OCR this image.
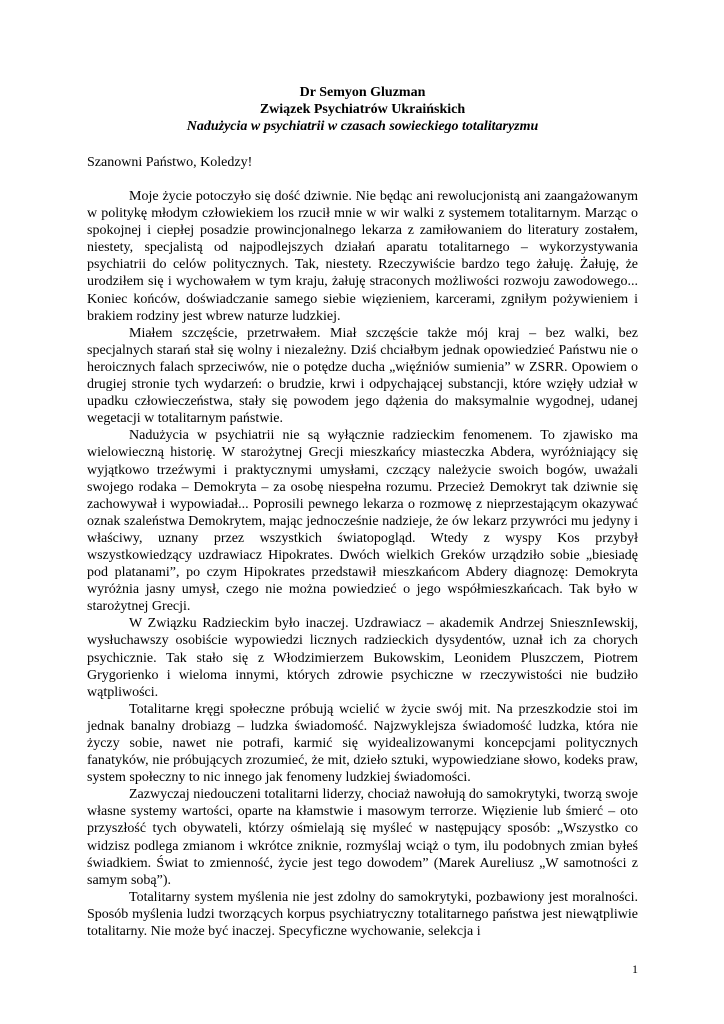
Dr Semyon Gluzman
Związek Psychiatrów Ukraińskich
Nadużycia w psychiatrii w czasach sowieckiego totalitaryzmu

Szanowni Państwo, Koledzy!

Moje życie potoczyło się dość dziwnie. Nie będąc ani rewolucjonistą ani zaangażowanym w politykę młodym człowiekiem los rzucił mnie w wir walki z systemem totalitarnym. Marząc o spokojnej i ciepłej posadzie prowincjonalnego lekarza z zamiłowaniem do literatury zostałem, niestety, specjalistą od najpodlejszych działań aparatu totalitarnego – wykorzystywania psychiatrii do celów politycznych. Tak, niestety. Rzeczywiście bardzo tego żałuję. Żałuję, że urodziłem się i wychowałem w tym kraju, żałuję straconych możliwości rozwoju zawodowego... Koniec końców, doświadczanie samego siebie więzieniem, karcerami, zgniłym pożywieniem i brakiem rodziny jest wbrew naturze ludzkiej.

Miałem szczęście, przetrwałem. Miał szczęście także mój kraj – bez walki, bez specjalnych starań stał się wolny i niezależny. Dziś chciałbym jednak opowiedzieć Państwu nie o heroicznych falach sprzeciwów, nie o potędze ducha „więźniów sumienia” w ZSRR. Opowiem o drugiej stronie tych wydarzeń: o brudzie, krwi i odpychającej substancji, które wzięły udział w upadku człowieczeństwa, stały się powodem jego dążenia do maksymalnie wygodnej, udanej wegetacji w totalitarnym państwie.

Nadużycia w psychiatrii nie są wyłącznie radzieckim fenomenem. To zjawisko ma wielowieczną historię. W starożytnej Grecji mieszkańcy miasteczka Abdera, wyróżniający się wyjątkowo trzeźwymi i praktycznymi umysłami, czczący należycie swoich bogów, uważali swojego rodaka – Demokryta – za osobę niespełna rozumu. Przecież Demokryt tak dziwnie się zachowywał i wypowiadał... Poprosili pewnego lekarza o rozmowę z nieprzestającym okazywać oznak szaleństwa Demokrytem, mając jednocześnie nadzieje, że ów lekarz przywróci mu jedyny i właściwy, uznany przez wszystkich światopogląd. Wtedy z wyspy Kos przybył wszystkowiedzący uzdrawiacz Hipokrates. Dwóch wielkich Greków urządziło sobie „biesiadę pod platanami”, po czym Hipokrates przedstawił mieszkańcom Abdery diagnozę: Demokryta wyróżnia jasny umysł, czego nie można powiedzieć o jego współmieszkańcach. Tak było w starożytnej Grecji.

W Związku Radzieckim było inaczej. Uzdrawiacz – akademik Andrzej SniesznIewskij, wysłuchawszy osobiście wypowiedzi licznych radzieckich dysydentów, uznał ich za chorych psychicznie. Tak stało się z Włodzimierzem Bukowskim, Leonidem Pluszczem, Piotrem Grygorienko i wieloma innymi, których zdrowie psychiczne w rzeczywistości nie budziło wątpliwości.

Totalitarne kręgi społeczne próbują wcielić w życie swój mit. Na przeszkodzie stoi im jednak banalny drobiazg – ludzka świadomość. Najzwyklejsza świadomość ludzka, która nie życzy sobie, nawet nie potrafi, karmić się wyidealizowanymi koncepcjami politycznych fanatyków, nie próbujących zrozumieć, że mit, dzieło sztuki, wypowiedziane słowo, kodeks praw, system społeczny to nic innego jak fenomeny ludzkiej świadomości.

Zazwyczaj niedouczeni totalitarni liderzy, chociaż nawołują do samokrytyki, tworzą swoje własne systemy wartości, oparte na kłamstwie i masowym terrorze. Więzienie lub śmierć – oto przyszłość tych obywateli, którzy ośmielają się myśleć w następujący sposób: „Wszystko co widzisz podlega zmianom i wkrótce zniknie, rozmyślaj wciąż o tym, ilu podobnych zmian byłeś świadkiem. Świat to zmienność, życie jest tego dowodem” (Marek Aureliusz „W samotności z samym sobą”).

Totalitarny system myślenia nie jest zdolny do samokrytyki, pozbawiony jest moralności. Sposób myślenia ludzi tworzących korpus psychiatryczny totalitarnego państwa jest niewątpliwie totalitarny. Nie może być inaczej. Specyficzne wychowanie, selekcja i

1
